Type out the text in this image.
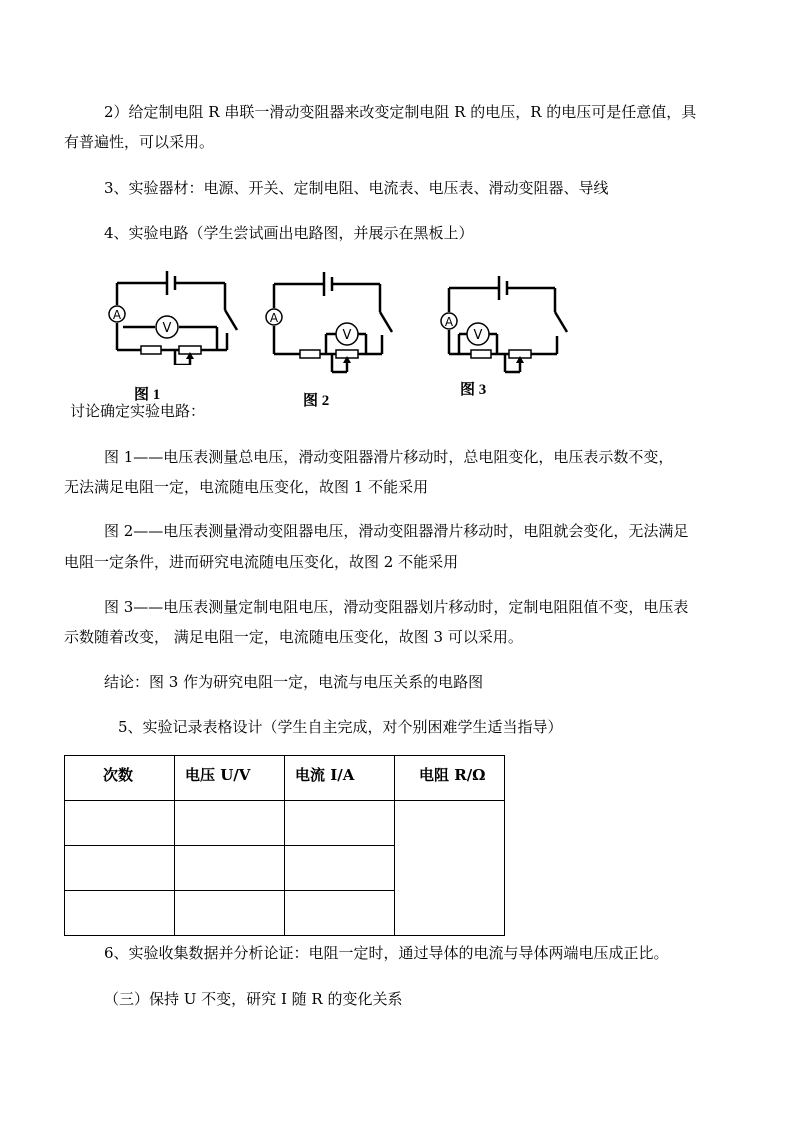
2）给定制电阻 R 串联一滑动变阻器来改变定制电阻 R 的电压，R 的电压可是任意值，具
有普遍性，可以采用。
3、实验器材：电源、开关、定制电阻、电流表、电压表、滑动变阻器、导线
4、实验电路（学生尝试画出电路图，并展示在黑板上）
A
V
图 1
A
V
图 2
A
V
图 3
讨论确定实验电路：
图 1——电压表测量总电压，滑动变阻器滑片移动时，总电阻变化，电压表示数不变，
无法满足电阻一定，电流随电压变化，故图 1 不能采用
图 2——电压表测量滑动变阻器电压，滑动变阻器滑片移动时，电阻就会变化，无法满足
电阻一定条件，进而研究电流随电压变化，故图 2 不能采用
图 3——电压表测量定制电阻电压，滑动变阻器划片移动时，定制电阻阻值不变，电压表
示数随着改变， 满足电阻一定，电流随电压变化，故图 3 可以采用。
结论：图 3 作为研究电阻一定，电流与电压关系的电路图
5、实验记录表格设计（学生自主完成，对个别困难学生适当指导）
次数	电压 U/V	电流 I/A	电阻 R/Ω

6、实验收集数据并分析论证：电阻一定时，通过导体的电流与导体两端电压成正比。
（三）保持 U 不变，研究 I 随 R 的变化关系
